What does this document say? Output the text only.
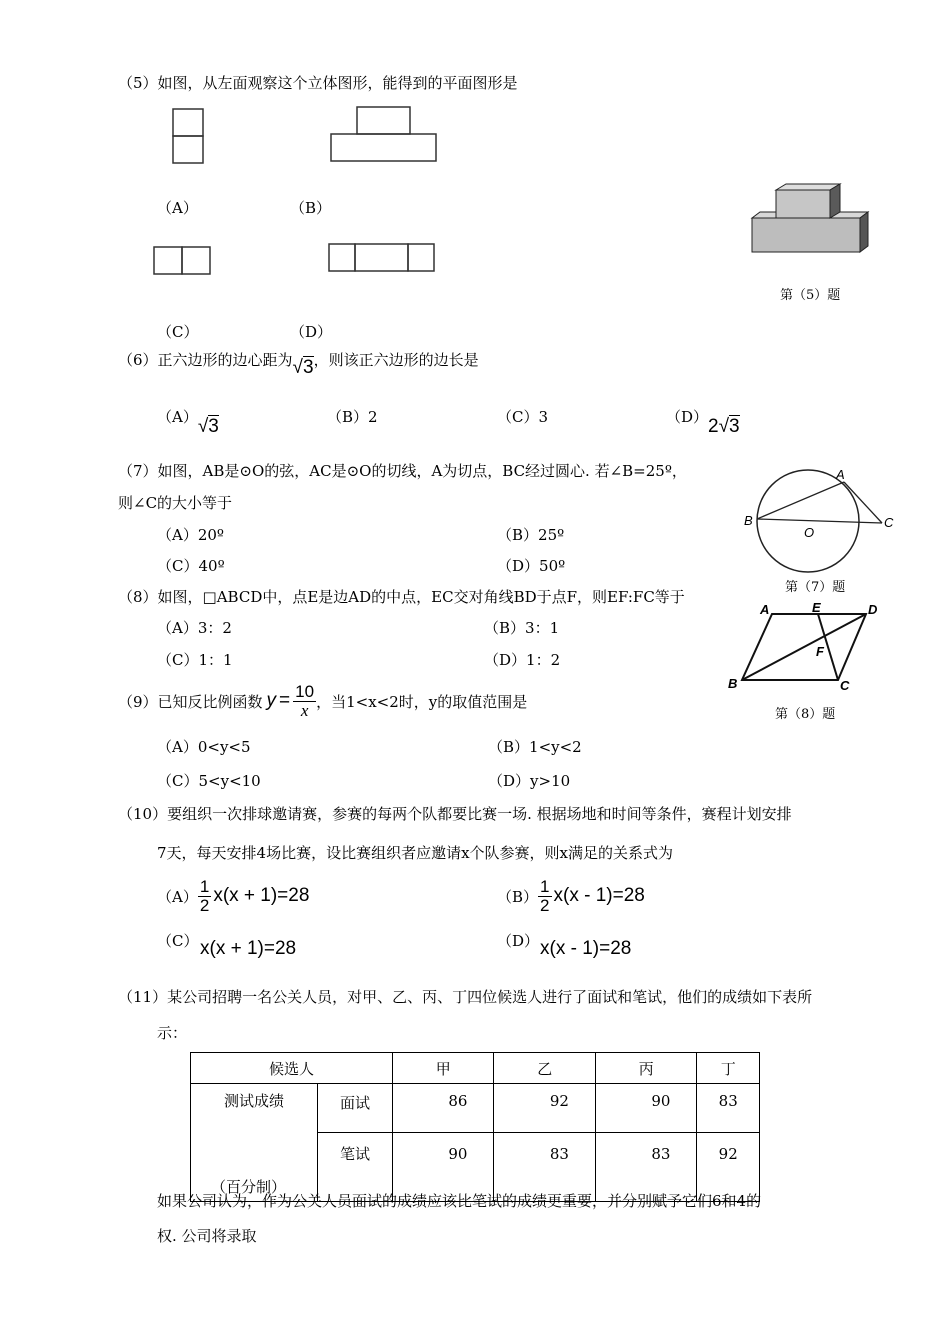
（5）如图，从左面观察这个立体图形，能得到的平面图形是
（A）	（B）
（C）	（D）
第（5）题
（6）正六边形的边心距为√3，则该正六边形的边长是
（A）√3	（B）2	（C）3	（D）2√3
（7）如图，AB是⊙O的弦，AC是⊙O的切线，A为切点，BC经过圆心. 若∠B=25º，
则∠C的大小等于
（A）20º	（B）25º
（C）40º	（D）50º
A
B
O
C
第（7）题
（8）如图，□ABCD中，点E是边AD的中点，EC交对角线BD于点F，则EF:FC等于
（A）3：2	（B）3：1
（C）1：1	（D）1：2
A	E	D
F
B	C
第（8）题
（9）已知反比例函数 $y = \frac{10}{x}$ ，当1<x<2时，y的取值范围是
（A）0<y<5	（B）1<y<2
（C）5<y<10	（D）y>10
（10）要组织一次排球邀请赛，参赛的每两个队都要比赛一场. 根据场地和时间等条件，赛程计划安排
7天，每天安排4场比赛，设比赛组织者应邀请x个队参赛，则x满足的关系式为
$(A) \frac{1}{2} x(x + 1)=28$	$(B) \frac{1}{2} x(x - 1)=28$
（C） x(x + 1)=28	（D） x(x - 1)=28
（11）某公司招聘一名公关人员，对甲、乙、丙、丁四位候选人进行了面试和笔试，他们的成绩如下表所
示：
候选人		甲	乙	丙	丁

测试成绩
（百分制）	面试	86	92	90	83
	笔试	90	83	83	92
如果公司认为，作为公关人员面试的成绩应该比笔试的成绩更重要，并分别赋予它们6和4的
权. 公司将录取
